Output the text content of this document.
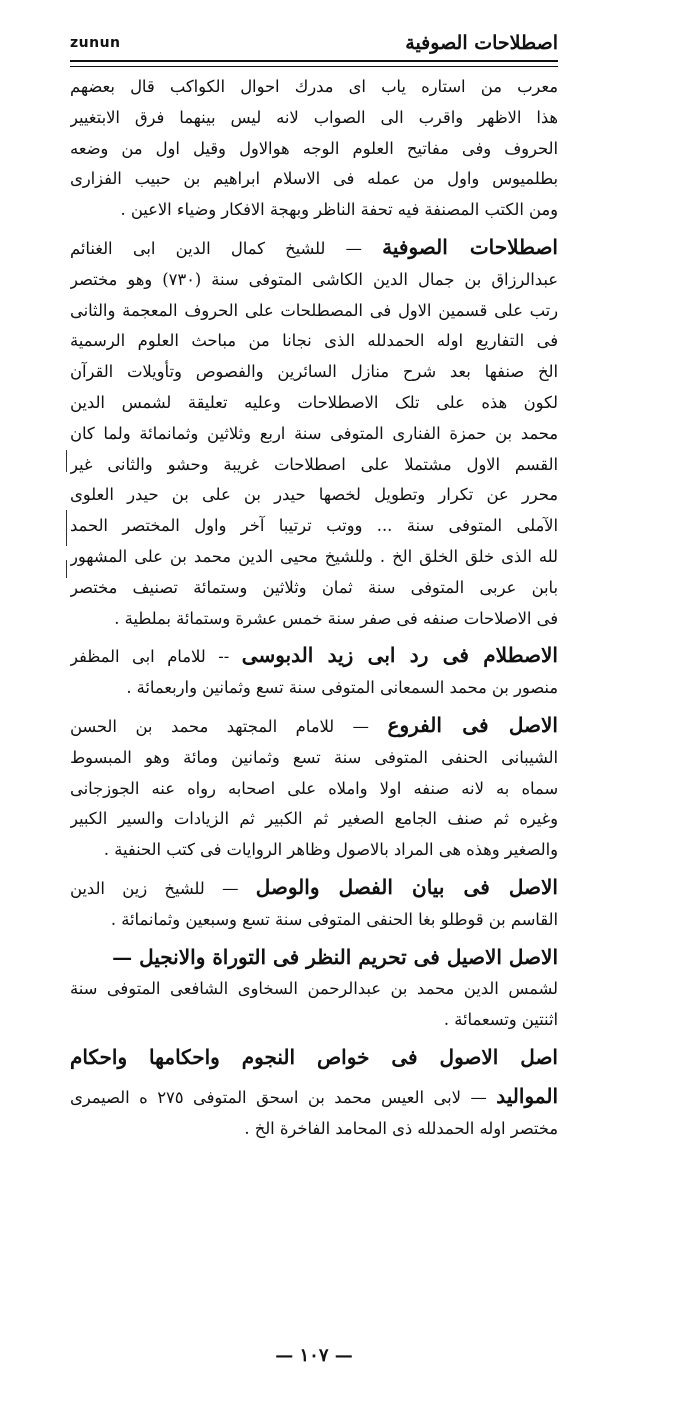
zunun	اصطلاحات الصوفية
معرب من استاره یاب ای مدرك احوال الکواکب قال بعضهم
هذا الاظهر واقرب الی الصواب لانه لیس بینهما فرق الابتغییر
الحروف وفی مفاتیح العلوم الوجه هوالاول وقیل اول من وضعه
بطلمیوس واول من عمله فی الاسلام ابراهیم بن حبیب الفزاری
ومن الکتب المصنفة فیه تحفة الناظر وبهجة الافکار وضیاء الاعین .
اصطلاحات الصوفية — للشیخ کمال الدین ابی الغنائم
عبدالرزاق بن جمال الدین الکاشی المتوفی سنة (٧٣٠) وهو مختصر
رتب علی قسمین الاول فی المصطلحات علی الحروف المعجمة والثانی
فی التفاریع اوله الحمدلله الذی نجانا من مباحث العلوم الرسمیة
الخ صنفها بعد شرح منازل السائرین والفصوص وتأویلات القرآن
لکون هذه علی تلک الاصطلاحات وعلیه تعلیقة لشمس الدین
محمد بن حمزة الفناری المتوفی سنة اربع وثلاثین وثمانمائة ولما کان
القسم الاول مشتملا علی اصطلاحات غریبة وحشو والثانی غیر
محرر عن تکرار وتطویل لخصها حیدر بن علی بن حیدر العلوی
الآملی المتوفی سنة ... ووتب ترتیبا آخر واول المختصر الحمد
لله الذی خلق الخلق الخ . وللشیخ محیی الدین محمد بن علی المشهور
بابن عربی المتوفی سنة ثمان وثلاثین وستمائة تصنیف مختصر
فی الاصلاحات صنفه فی صفر سنة خمس عشرة وستمائة بملطیة .
الاصطلام فی رد ابی زید الدبوسی -- للامام ابی المظفر
منصور بن محمد السمعانی المتوفی سنة تسع وثمانین واربعمائة .
الاصل فی الفروع — للامام المجتهد محمد بن الحسن
الشیبانی الحنفی المتوفی سنة تسع وثمانین ومائة وهو المبسوط
سماه به لانه صنفه اولا واملاه علی اصحابه رواه عنه الجوزجانی
وغیره ثم صنف الجامع الصغیر ثم الکبیر ثم الزیادات والسیر الکبیر
والصغیر وهذه هی المراد بالاصول وظاهر الروایات فی کتب الحنفیة .
الاصل فی بیان الفصل والوصل — للشیخ زین الدین
القاسم بن قوطلو بغا الحنفی المتوفی سنة تسع وسبعین وثمانمائة .
الاصل الاصیل فی تحریم النظر فی التوراة والانجیل —
لشمس الدین محمد بن عبدالرحمن السخاوی الشافعی المتوفی سنة
اثنتین وتسعمائة .
اصل الاصول فی خواص النجوم واحکامها واحکام
المواليد — لابی العیس محمد بن اسحق المتوفی ٢٧٥ ه الصیمری
مختصر اوله الحمدلله ذی المحامد الفاخرة الخ .
— ١٠٧ —
